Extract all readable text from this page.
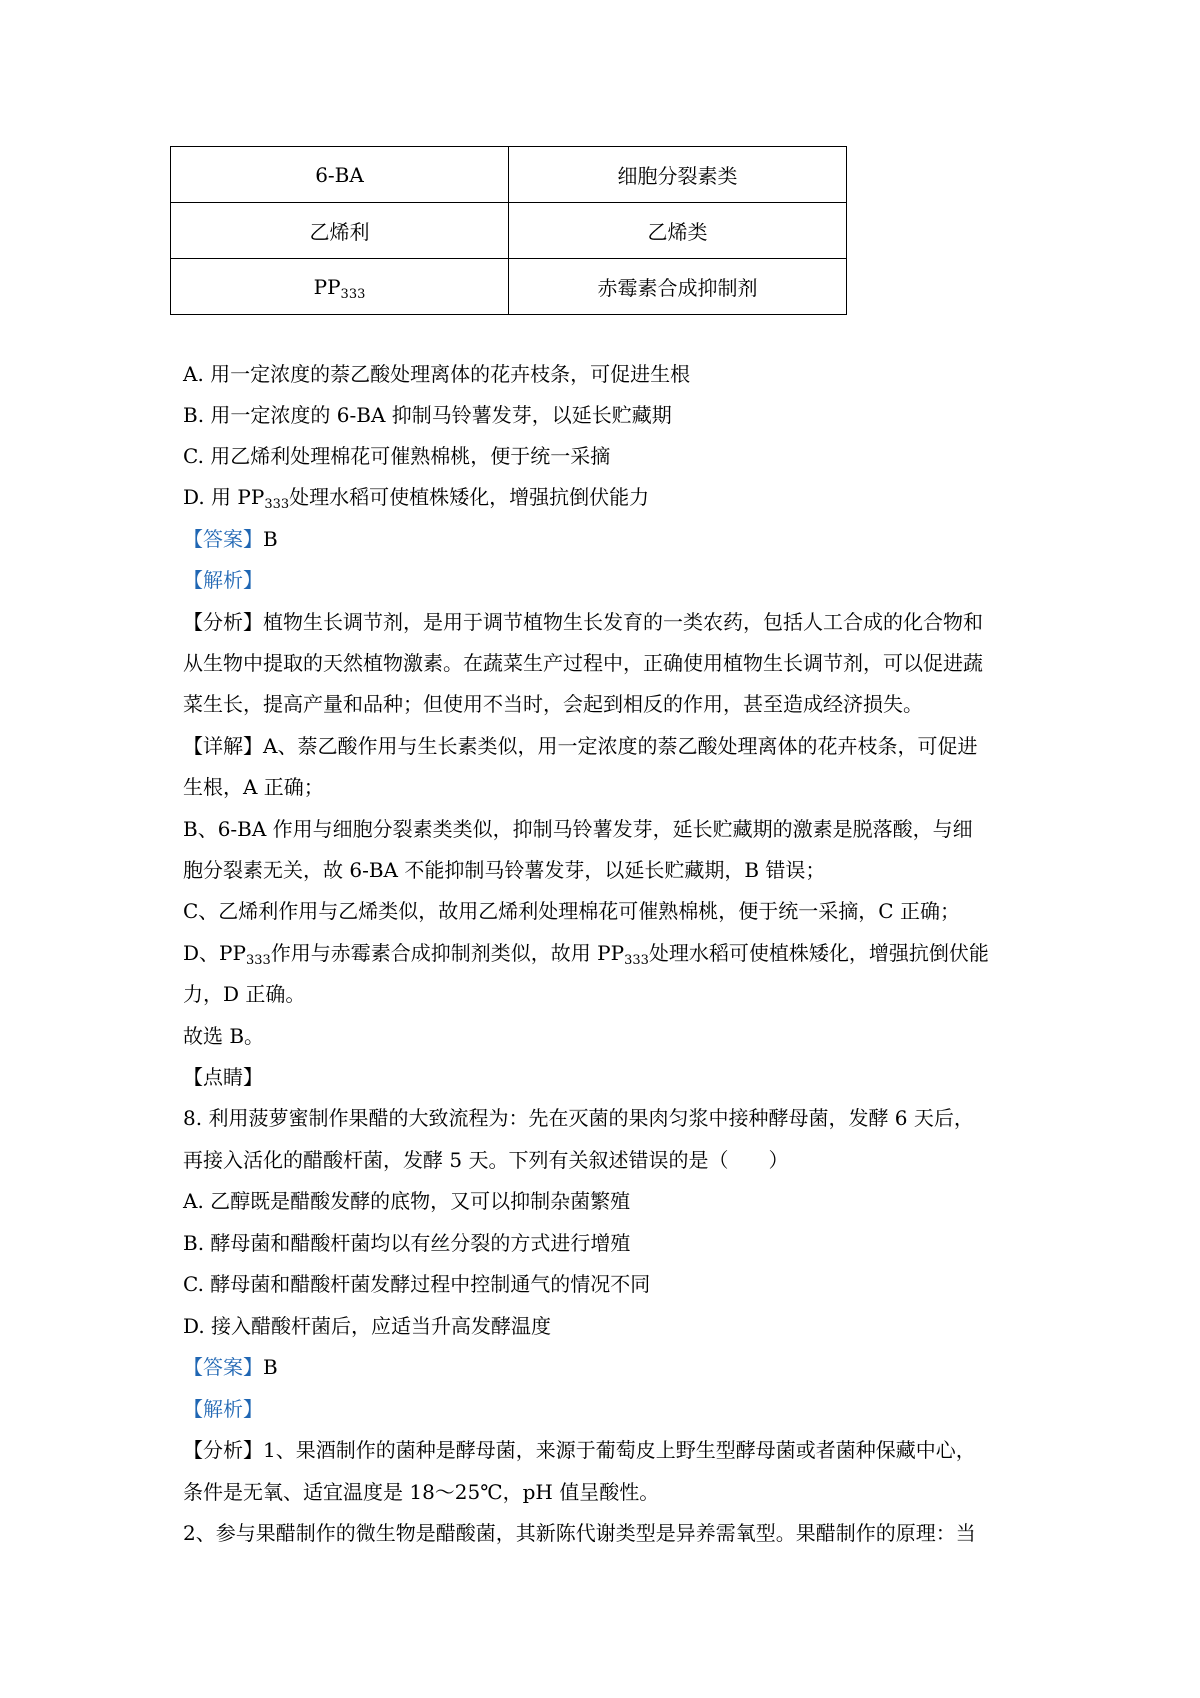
6-BA	细胞分裂素类
乙烯利	乙烯类
$PP_{333}$	赤霉素合成抑制剂
A. 用一定浓度的萘乙酸处理离体的花卉枝条，可促进生根
B. 用一定浓度的 6-BA 抑制马铃薯发芽，以延长贮藏期
C. 用乙烯利处理棉花可催熟棉桃，便于统一采摘
D. 用 $PP_{333}$处理水稻可使植株矮化，增强抗倒伏能力
【答案】B
【解析】
【分析】植物生长调节剂，是用于调节植物生长发育的一类农药，包括人工合成的化合物和
从生物中提取的天然植物激素。在蔬菜生产过程中，正确使用植物生长调节剂，可以促进蔬
菜生长，提高产量和品种；但使用不当时，会起到相反的作用，甚至造成经济损失。
【详解】A、萘乙酸作用与生长素类似，用一定浓度的萘乙酸处理离体的花卉枝条，可促进
生根，A 正确；
B、6-BA 作用与细胞分裂素类类似，抑制马铃薯发芽，延长贮藏期的激素是脱落酸，与细
胞分裂素无关，故 6-BA 不能抑制马铃薯发芽，以延长贮藏期，B 错误；
C、乙烯利作用与乙烯类似，故用乙烯利处理棉花可催熟棉桃，便于统一采摘，C 正确；
D、$PP_{333}$作用与赤霉素合成抑制剂类似，故用 $PP_{333}$处理水稻可使植株矮化，增强抗倒伏能
力，D 正确。
故选 B。
【点睛】
8. 利用菠萝蜜制作果醋的大致流程为：先在灭菌的果肉匀浆中接种酵母菌，发酵 6 天后，
再接入活化的醋酸杆菌，发酵 5 天。下列有关叙述错误的是（　　）
A. 乙醇既是醋酸发酵的底物，又可以抑制杂菌繁殖
B. 酵母菌和醋酸杆菌均以有丝分裂的方式进行增殖
C. 酵母菌和醋酸杆菌发酵过程中控制通气的情况不同
D. 接入醋酸杆菌后，应适当升高发酵温度
【答案】B
【解析】
【分析】1、果酒制作的菌种是酵母菌，来源于葡萄皮上野生型酵母菌或者菌种保藏中心，
条件是无氧、适宜温度是 18～25℃，pH 值呈酸性。
2、参与果醋制作的微生物是醋酸菌，其新陈代谢类型是异养需氧型。果醋制作的原理：当
